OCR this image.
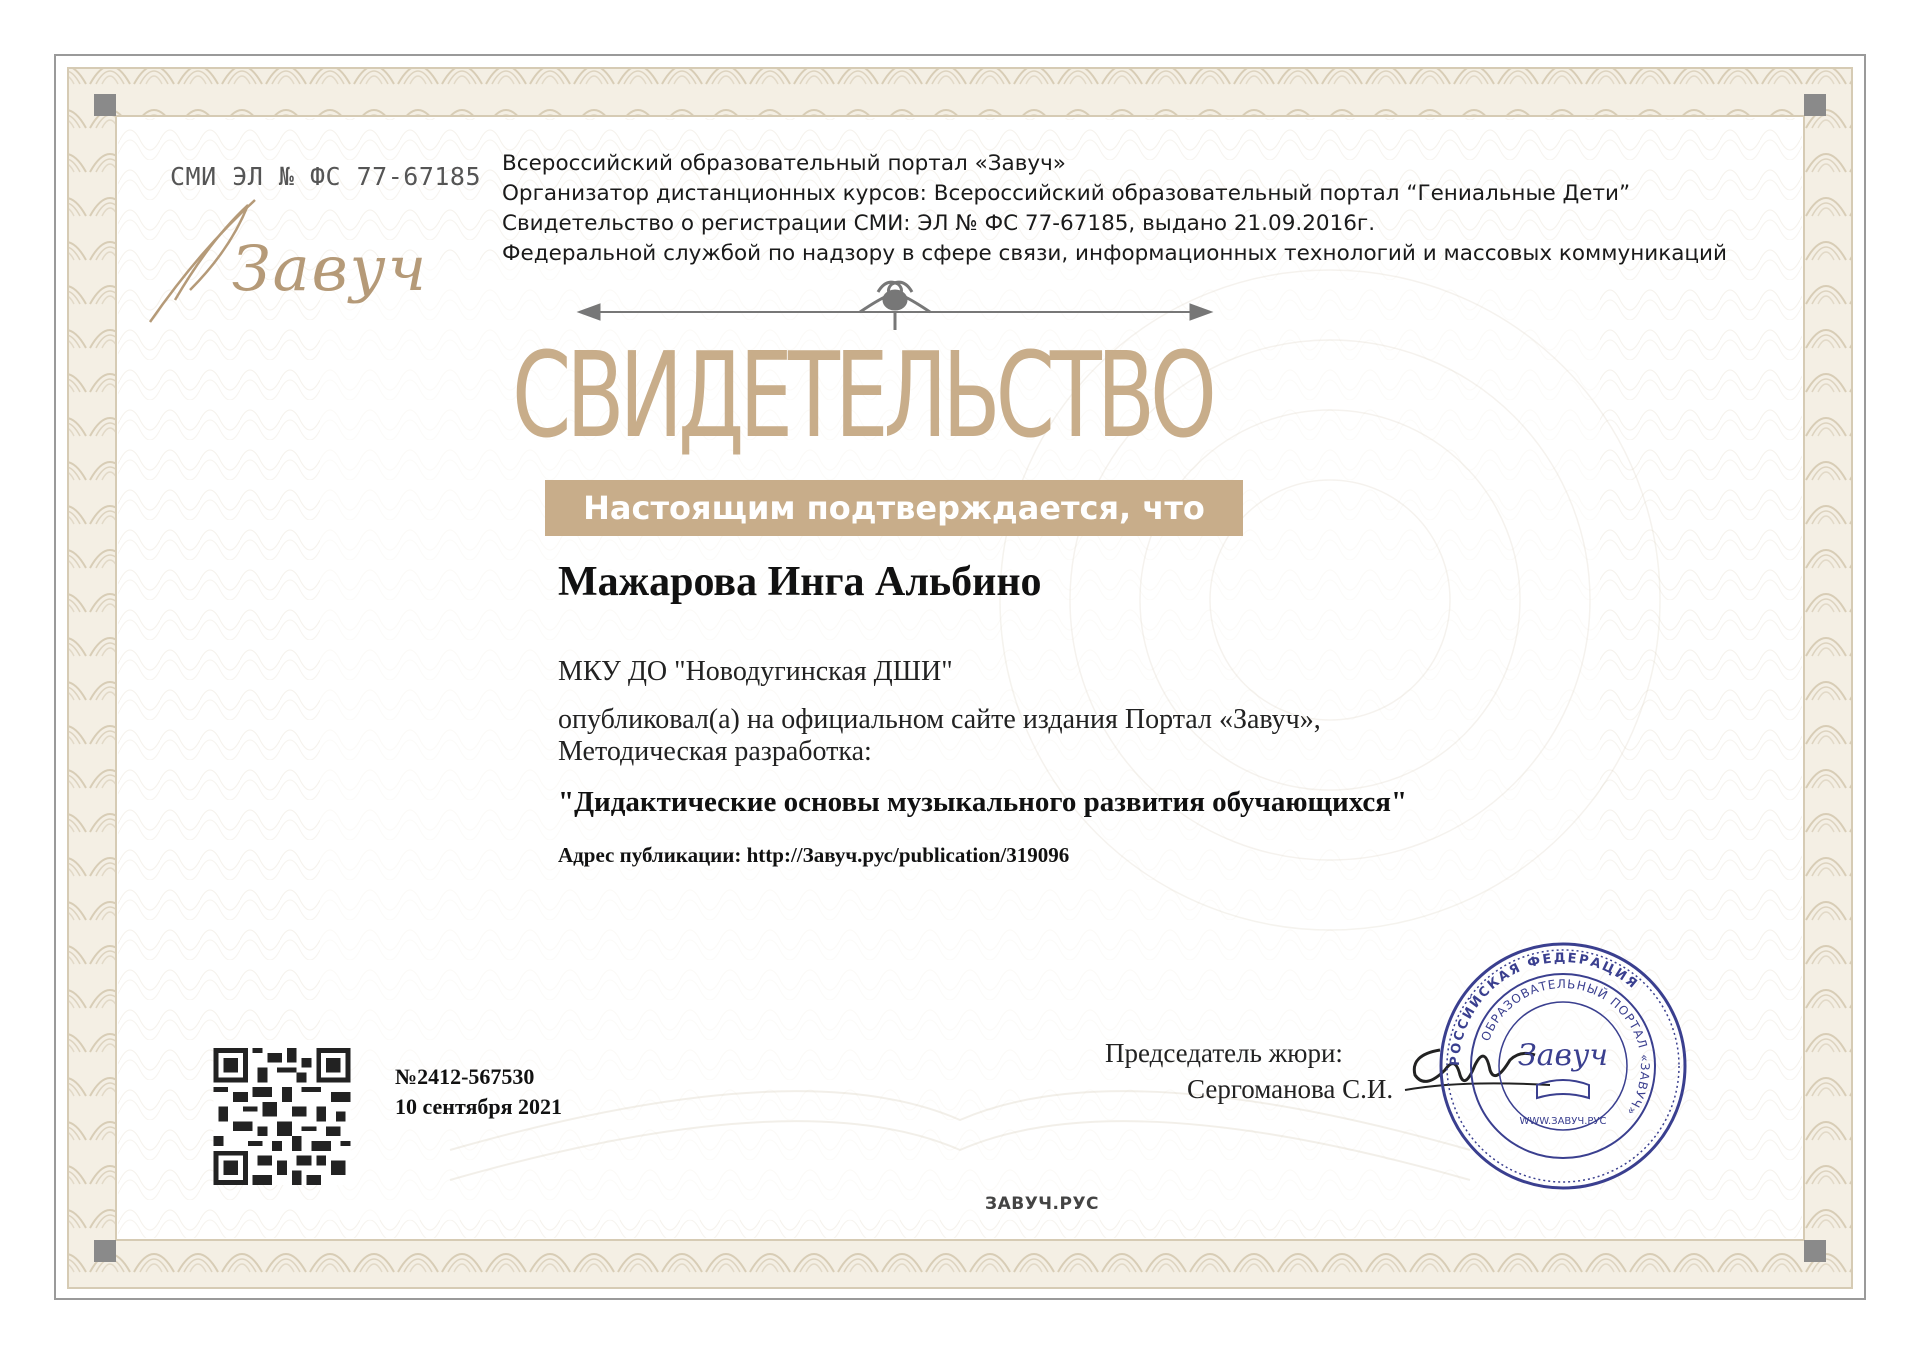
СМИ ЭЛ № ФС 77-67185
Завуч
Всероссийский образовательный портал «Завуч»
Организатор дистанционных курсов: Всероссийский образовательный портал “Гениальные Дети”
Свидетельство о регистрации СМИ: ЭЛ № ФС 77-67185, выдано 21.09.2016г.
Федеральной службой по надзору в сфере связи, информационных технологий и массовых коммуникаций
СВИДЕТЕЛЬСТВО
Настоящим подтверждается, что
Мажарова Инга Альбино
МКУ ДО "Новодугинская ДШИ"
опубликовал(а) на официальном сайте издания Портал «Завуч»,
Методическая разработка:
"Дидактические основы музыкального развития обучающихся"
Адрес публикации: http://Завуч.рус/publication/319096
№2412-567530
10 сентября 2021
Председатель жюри:
Сергоманова С.И.
РОССИЙСКАЯ ФЕДЕРАЦИЯ
ОБРАЗОВАТЕЛЬНЫЙ ПОРТАЛ «ЗАВУЧ»
Завуч
WWW.ЗАВУЧ.РУС
ЗАВУЧ.РУС
